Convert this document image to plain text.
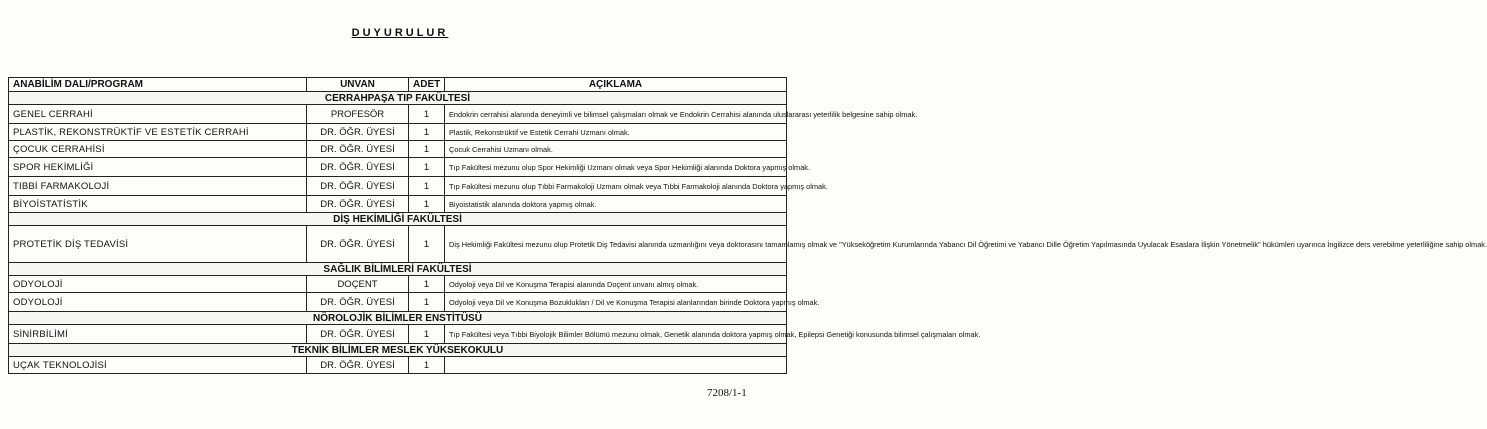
DUYURULUR
ANABİLİM DALI/PROGRAM	UNVAN	ADET	AÇIKLAMA
CERRAHPAŞA TIP FAKÜLTESİ			
GENEL CERRAHİ	PROFESÖR	1	Endokrin cerrahisi alanında deneyimli ve bilimsel çalışmaları olmak ve Endokrin Cerrahisi alanında uluslararası yeterlilik belgesine sahip olmak.
PLASTİK, REKONSTRÜKTİF VE ESTETİK CERRAHİ	DR. ÖĞR. ÜYESİ	1	Plastik, Rekonstrüktif ve Estetik Cerrahi Uzmanı olmak.
ÇOCUK CERRAHİSİ	DR. ÖĞR. ÜYESİ	1	Çocuk Cerrahisi Uzmanı olmak.
SPOR HEKİMLİĞİ	DR. ÖĞR. ÜYESİ	1	Tıp Fakültesi mezunu olup Spor Hekimliği Uzmanı olmak veya Spor Hekimliği alanında Doktora yapmış olmak.
TIBBİ FARMAKOLOJİ	DR. ÖĞR. ÜYESİ	1	Tıp Fakültesi mezunu olup Tıbbi Farmakoloji Uzmanı olmak veya Tıbbi Farmakoloji alanında Doktora yapmış olmak.
BİYOİSTATİSTİK	DR. ÖĞR. ÜYESİ	1	Biyoistatistik alanında doktora yapmış olmak.
DİŞ HEKİMLİĞİ FAKÜLTESİ			
PROTETİK DİŞ TEDAVİSİ	DR. ÖĞR. ÜYESİ	1	Diş Hekimliği Fakültesi mezunu olup Protetik Diş Tedavisi alanında uzmanlığını veya doktorasını tamamlamış olmak ve "Yükseköğretim Kurumlarında Yabancı Dil Öğretimi ve Yabancı Dille Öğretim Yapılmasında Uyulacak Esaslara İlişkin Yönetmelik" hükümleri uyarınca İngilizce ders verebilme yeterliliğine sahip olmak.
SAĞLIK BİLİMLERİ FAKÜLTESİ			
ODYOLOJİ	DOÇENT	1	Odyoloji veya Dil ve Konuşma Terapisi alanında Doçent unvanı almış olmak.
ODYOLOJİ	DR. ÖĞR. ÜYESİ	1	Odyoloji veya Dil ve Konuşma Bozuklukları / Dil ve Konuşma Terapisi alanlarından birinde Doktora yapmış olmak.
NÖROLOJİK BİLİMLER ENSTİTÜSÜ			
SİNİRBİLİMİ	DR. ÖĞR. ÜYESİ	1	Tıp Fakültesi veya Tıbbi Biyolojik Bilimler Bölümü mezunu olmak, Genetik alanında doktora yapmış olmak, Epilepsi Genetiği konusunda bilimsel çalışmaları olmak.
TEKNİK BİLİMLER MESLEK YÜKSEKOKULU			
UÇAK TEKNOLOJİSİ	DR. ÖĞR. ÜYESİ	1	
7208/1-1
